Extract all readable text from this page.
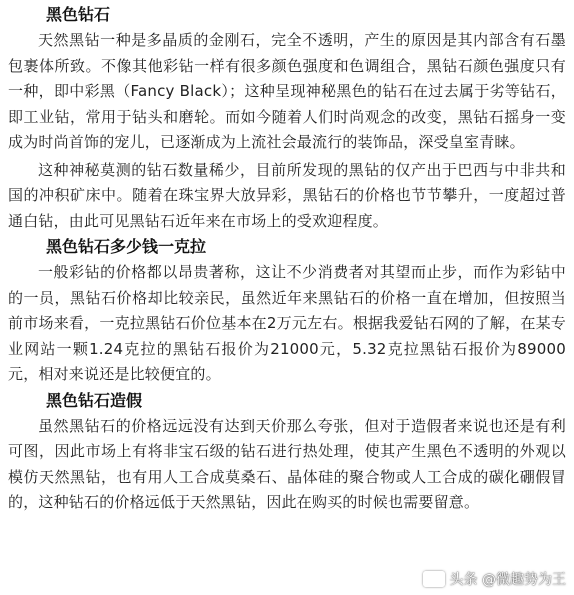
黑色钻石

天然黑钻一种是多晶质的金刚石，完全不透明，产生的原因是其内部含有石墨包裹体所致。不像其他彩钻一样有很多颜色强度和色调组合，黑钻石颜色强度只有一种，即中彩黑（Fancy Black）；这种呈现神秘黑色的钻石在过去属于劣等钻石，即工业钻，常用于钻头和磨轮。而如今随着人们时尚观念的改变，黑钻石摇身一变成为时尚首饰的宠儿，已逐渐成为上流社会最流行的装饰品，深受皇室青睐。

这种神秘莫测的钻石数量稀少，目前所发现的黑钻的仅产出于巴西与中非共和国的冲积矿床中。随着在珠宝界大放异彩，黑钻石的价格也节节攀升，一度超过普通白钻，由此可见黑钻石近年来在市场上的受欢迎程度。

黑色钻石多少钱一克拉

一般彩钻的价格都以昂贵著称，这让不少消费者对其望而止步，而作为彩钻中的一员，黑钻石价格却比较亲民，虽然近年来黑钻石的价格一直在增加，但按照当前市场来看，一克拉黑钻石价位基本在2万元左右。根据我爱钻石网的了解，在某专业网站一颗1.24克拉的黑钻石报价为21000元，5.32克拉黑钻石报价为89000元，相对来说还是比较便宜的。

黑色钻石造假

虽然黑钻石的价格远远没有达到天价那么夸张，但对于造假者来说也还是有利可图，因此市场上有将非宝石级的钻石进行热处理，使其产生黑色不透明的外观以模仿天然黑钻，也有用人工合成莫桑石、晶体硅的聚合物或人工合成的碳化硼假冒的，这种钻石的价格远低于天然黑钻，因此在购买的时候也需要留意。

头条 @微趣势为王
